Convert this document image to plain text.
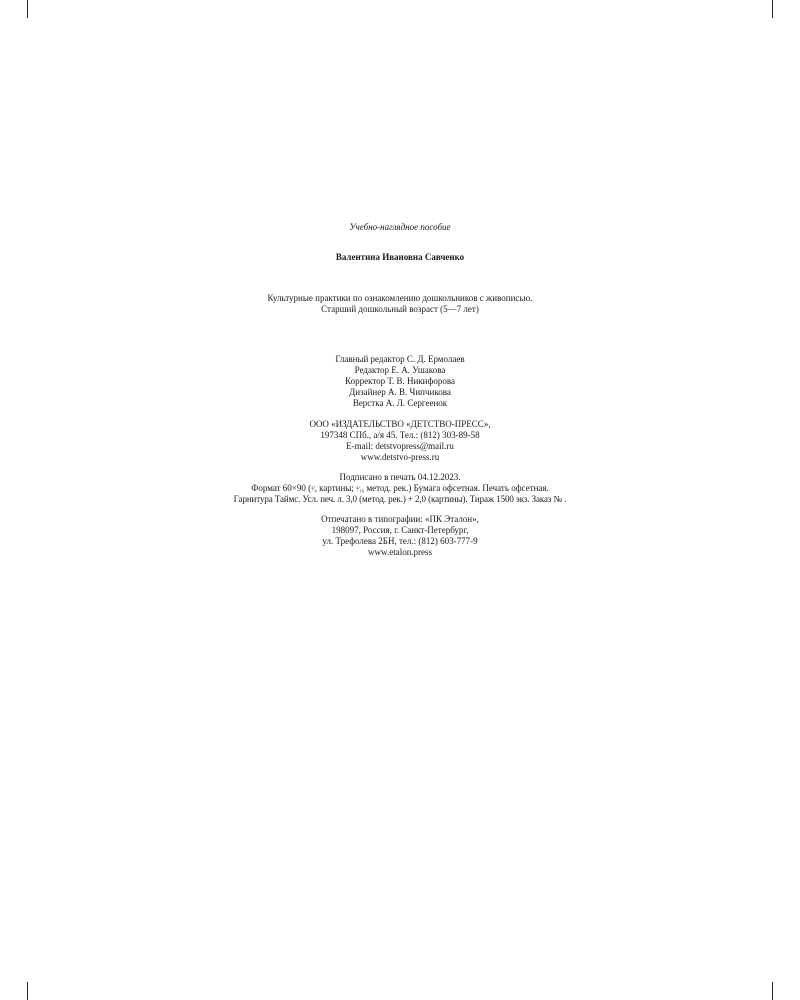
Учебно-наглядное пособие
Валентина Ивановна Савченко
Культурные практики по ознакомлению дошкольников с живописью.
Старший дошкольный возраст (5—7 лет)
Главный редактор С. Д. Ермолаев
Редактор Е. А. Ушакова
Корректор Т. В. Никифорова
Дизайнер А. В. Чипчикова
Верстка А. Л. Сергеенок
ООО «ИЗДАТЕЛЬСТВО «ДЕТСТВО-ПРЕСС»,
197348 СПб., а/я 45. Тел.: (812) 303-89-58
E-mail: detstvopress@mail.ru
www.detstvo-press.ru
Подписано в печать 04.12.2023.
Формат 60×90 (¹⁄₄ картины; ¹⁄₁₆ метод. рек.) Бумага офсетная. Печать офсетная.
Гарнитура Таймс. Усл. печ. л. 3,0 (метод. рек.) + 2,0 (картины). Тираж 1500 экз. Заказ № .
Отпечатано в типографии: «ПК Эталон»,
198097, Россия, г. Санкт-Петербург,
ул. Трефолева 2БН, тел.: (812) 603-777-9
www.etalon.press
